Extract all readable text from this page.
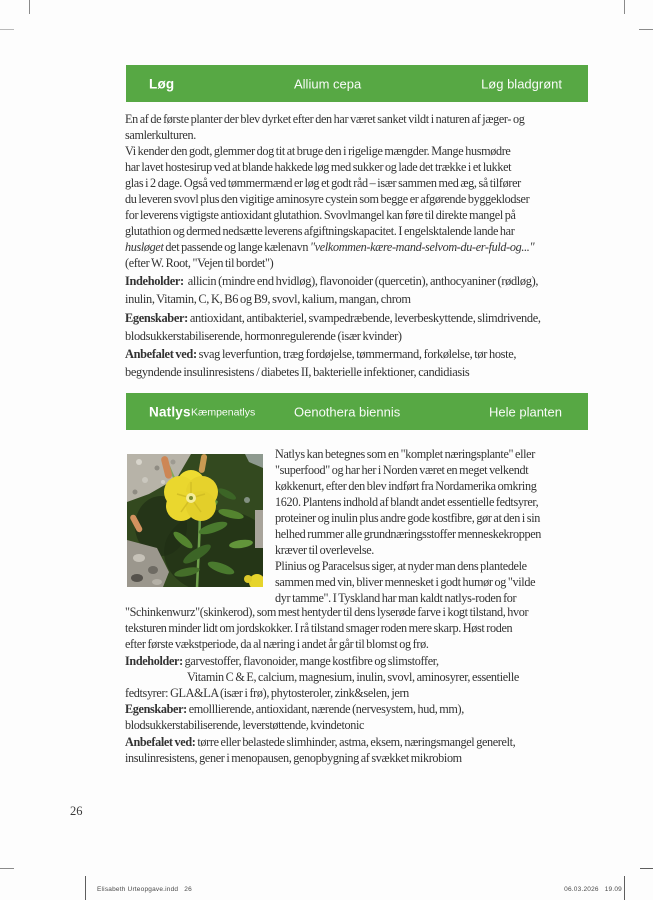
Løg	Allium cepa	Løg bladgrønt
En af de første planter der blev dyrket efter den har været sanket vildt i naturen af jæger- og
samlerkulturen.
Vi kender den godt, glemmer dog tit at bruge den i rigelige mængder. Mange husmødre
har lavet hostesirup ved at blande hakkede løg med sukker og lade det trække i et lukket
glas i 2 dage. Også ved tømmermænd er løg et godt råd – især sammen med æg, så tilfører
du leveren svovl plus den vigitige aminosyre cystein som begge er afgørende byggeklodser
for leverens vigtigste antioxidant glutathion. Svovlmangel kan føre til direkte mangel på
glutathion og dermed nedsætte leverens afgiftningskapacitet. I engelsktalende lande har
husløget det passende og lange kælenavn "velkommen-kære-mand-selvom-du-er-fuld-og..."
(efter W. Root, "Vejen til bordet")
Indeholder:  allicin (mindre end hvidløg), flavonoider (quercetin), anthocyaniner (rødløg),
inulin, Vitamin, C, K, B6 og B9, svovl, kalium, mangan, chrom
Egenskaber: antioxidant, antibakteriel, svampedræbende, leverbeskyttende, slimdrivende,
blodsukkerstabiliserende, hormonregulerende (især kvinder)
Anbefalet ved: svag leverfuntion, træg fordøjelse, tømmermand, forkølelse, tør hoste,
begyndende insulinresistens / diabetes II, bakterielle infektioner, candidiasis
Natlys Kæmpenatlys	Oenothera biennis	Hele planten
Natlys kan betegnes som en "komplet næringsplante" eller
"superfood" og har her i Norden været en meget velkendt
køkkenurt, efter den blev indført fra Nordamerika omkring
1620. Plantens indhold af blandt andet essentielle fedtsyrer,
proteiner og inulin plus andre gode kostfibre, gør at den i sin
helhed rummer alle grundnæringsstoffer menneskekroppen
kræver til overlevelse.
Plinius og Paracelsus siger, at nyder man dens plantedele
sammen med vin, bliver mennesket i godt humør og "vilde
dyr tamme". I Tyskland har man kaldt natlys-roden for
"Schinkenwurz"(skinkerod), som mest hentyder til dens lyserøde farve i kogt tilstand, hvor
teksturen minder lidt om jordskokker. I rå tilstand smager roden mere skarp. Høst roden
efter første vækstperiode, da al næring i andet år går til blomst og frø.
Indeholder: garvestoffer, flavonoider, mange kostfibre og slimstoffer,
Vitamin C & E, calcium, magnesium, inulin, svovl, aminosyrer, essentielle
fedtsyrer: GLA&LA (især i frø), phytosteroler, zink&selen, jern
Egenskaber: emolllierende, antioxidant, nærende (nervesystem, hud, mm),
blodsukkerstabiliserende, leverstøttende, kvindetonic
Anbefalet ved: tørre eller belastede slimhinder, astma, eksem, næringsmangel generelt,
insulinresistens, gener i menopausen, genopbygning af svækket mikrobiom
26
Elisabeth Urteopgave.indd   26	06.03.2026   19.09
